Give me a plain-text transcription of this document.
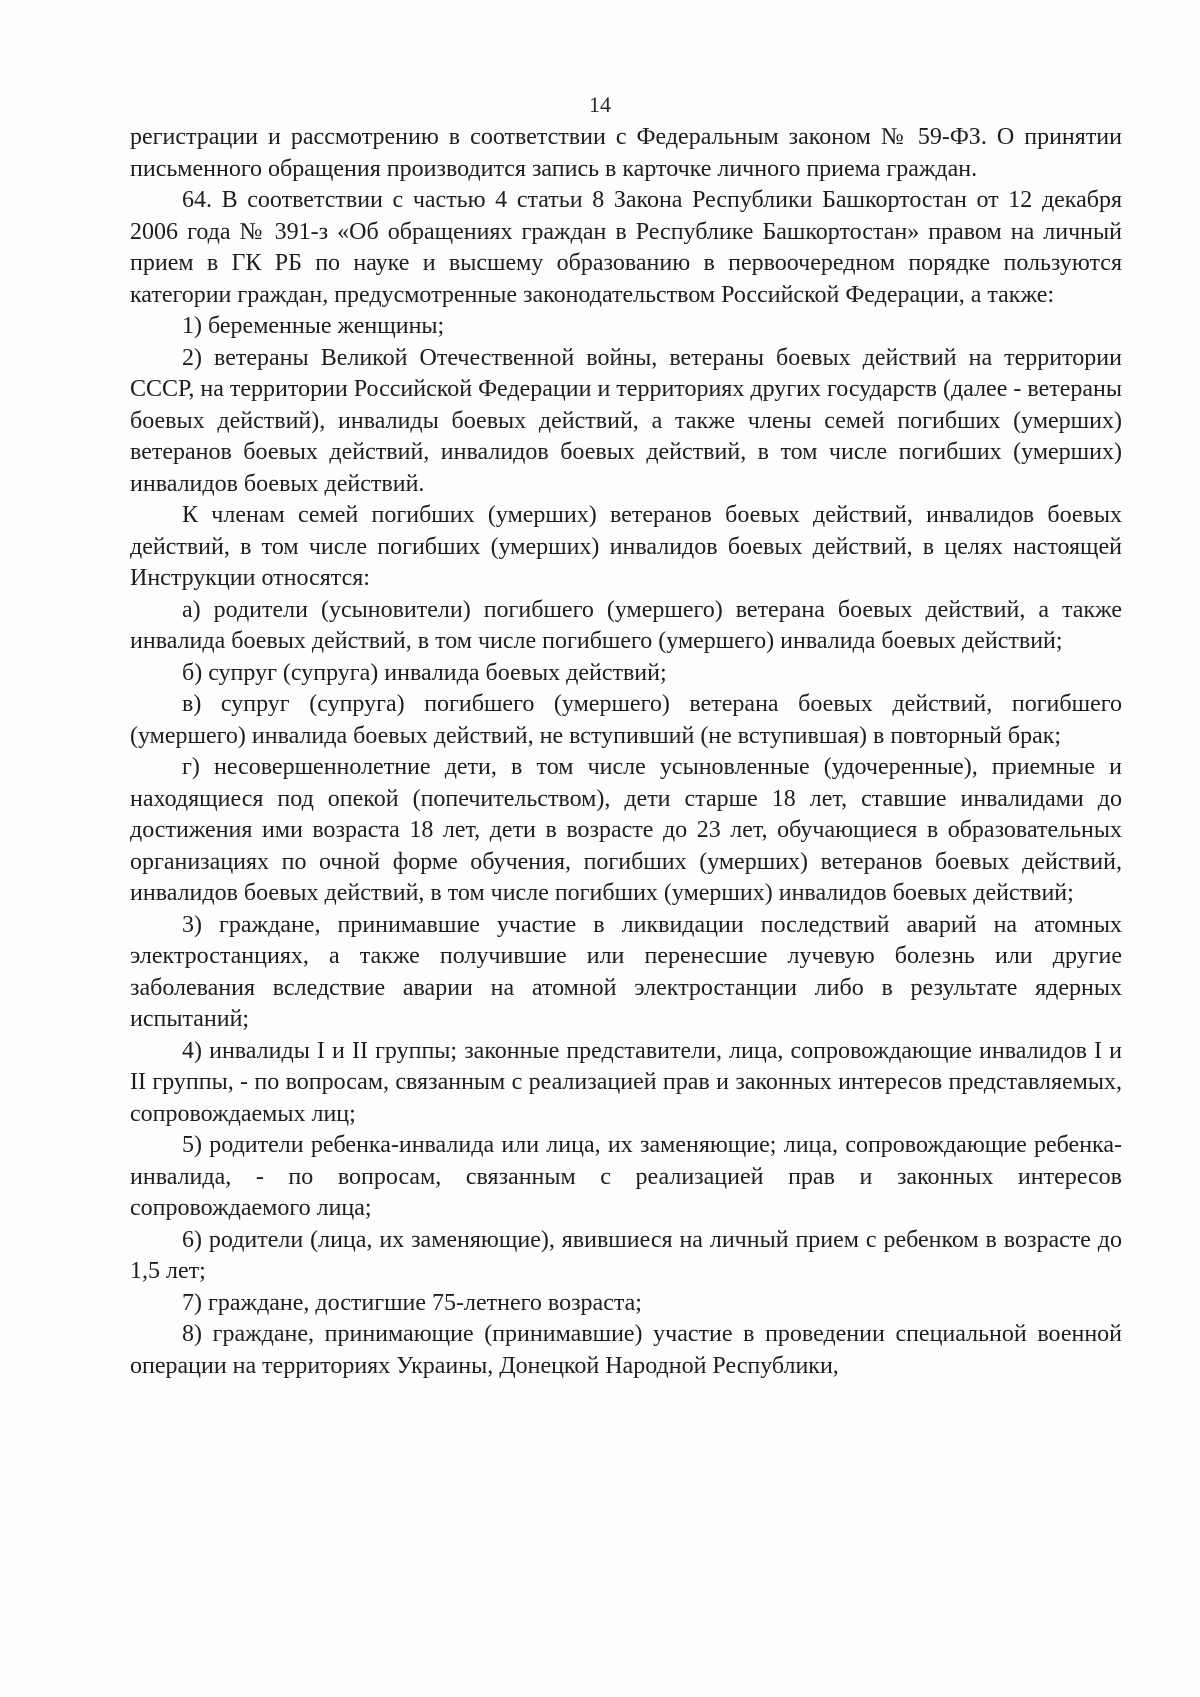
14

регистрации и рассмотрению в соответствии с Федеральным законом № 59-ФЗ. О принятии письменного обращения производится запись в карточке личного приема граждан.

64. В соответствии с частью 4 статьи 8 Закона Республики Башкортостан от 12 декабря 2006 года № 391-з «Об обращениях граждан в Республике Башкортостан» правом на личный прием в ГК РБ по науке и высшему образованию в первоочередном порядке пользуются категории граждан, предусмотренные законодательством Российской Федерации, а также:

1) беременные женщины;

2) ветераны Великой Отечественной войны, ветераны боевых действий на территории СССР, на территории Российской Федерации и территориях других государств (далее - ветераны боевых действий), инвалиды боевых действий, а также члены семей погибших (умерших) ветеранов боевых действий, инвалидов боевых действий, в том числе погибших (умерших) инвалидов боевых действий.

К членам семей погибших (умерших) ветеранов боевых действий, инвалидов боевых действий, в том числе погибших (умерших) инвалидов боевых действий, в целях настоящей Инструкции относятся:

а) родители (усыновители) погибшего (умершего) ветерана боевых действий, а также инвалида боевых действий, в том числе погибшего (умершего) инвалида боевых действий;

б) супруг (супруга) инвалида боевых действий;

в) супруг (супруга) погибшего (умершего) ветерана боевых действий, погибшего (умершего) инвалида боевых действий, не вступивший (не вступившая) в повторный брак;

г) несовершеннолетние дети, в том числе усыновленные (удочеренные), приемные и находящиеся под опекой (попечительством), дети старше 18 лет, ставшие инвалидами до достижения ими возраста 18 лет, дети в возрасте до 23 лет, обучающиеся в образовательных организациях по очной форме обучения, погибших (умерших) ветеранов боевых действий, инвалидов боевых действий, в том числе погибших (умерших) инвалидов боевых действий;

3) граждане, принимавшие участие в ликвидации последствий аварий на атомных электростанциях, а также получившие или перенесшие лучевую болезнь или другие заболевания вследствие аварии на атомной электростанции либо в результате ядерных испытаний;

4) инвалиды I и II группы; законные представители, лица, сопровождающие инвалидов I и II группы, - по вопросам, связанным с реализацией прав и законных интересов представляемых, сопровождаемых лиц;

5) родители ребенка-инвалида или лица, их заменяющие; лица, сопровождающие ребенка-инвалида, - по вопросам, связанным с реализацией прав и законных интересов сопровождаемого лица;

6) родители (лица, их заменяющие), явившиеся на личный прием с ребенком в возрасте до 1,5 лет;

7) граждане, достигшие 75-летнего возраста;

8) граждане, принимающие (принимавшие) участие в проведении специальной военной операции на территориях Украины, Донецкой Народной Республики,
